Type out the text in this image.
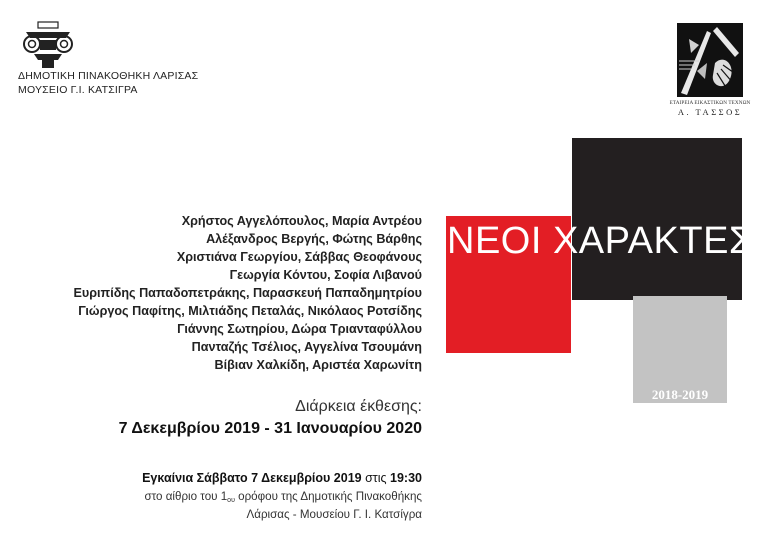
ΔΗΜΟΤΙΚΗ ΠΙΝΑΚΟΘΗΚΗ ΛΑΡΙΣΑΣ
ΜΟΥΣΕΙΟ Γ.Ι. ΚΑΤΣΙΓΡΑ
ΕΤΑΙΡΕΙΑ ΕΙΚΑΣΤΙΚΩΝ ΤΕΧΝΩΝ
Α. ΤΑΣΣΟΣ
Χρήστος Αγγελόπουλος, Μαρία Αντρέου
Αλέξανδρος Βεργής, Φώτης Βάρθης
Χριστιάνα Γεωργίου, Σάββας Θεοφάνους
Γεωργία Κόντου, Σοφία Λιβανού
Ευριπίδης Παπαδοπετράκης, Παρασκευή Παπαδημητρίου
Γιώργος Παφίτης, Μιλτιάδης Πεταλάς, Νικόλαος Ροτσίδης
Γιάννης Σωτηρίου, Δώρα Τριανταφύλλου
Πανταζής Τσέλιος, Αγγελίνα Τσουμάνη
Βίβιαν Χαλκίδη, Αριστέα Χαρωνίτη
Διάρκεια έκθεσης:
7 Δεκεμβρίου 2019 - 31 Ιανουαρίου 2020
Εγκαίνια Σάββατο 7 Δεκεμβρίου 2019 στις 19:30
στο αίθριο του $1_{o\upsilon}$ ορόφου της Δημοτικής Πινακοθήκης
Λάρισας - Μουσείου Γ. Ι. Κατσίγρα
ΝΕΟΙ ΧΑΡΑΚΤΕΣ
2018-2019
